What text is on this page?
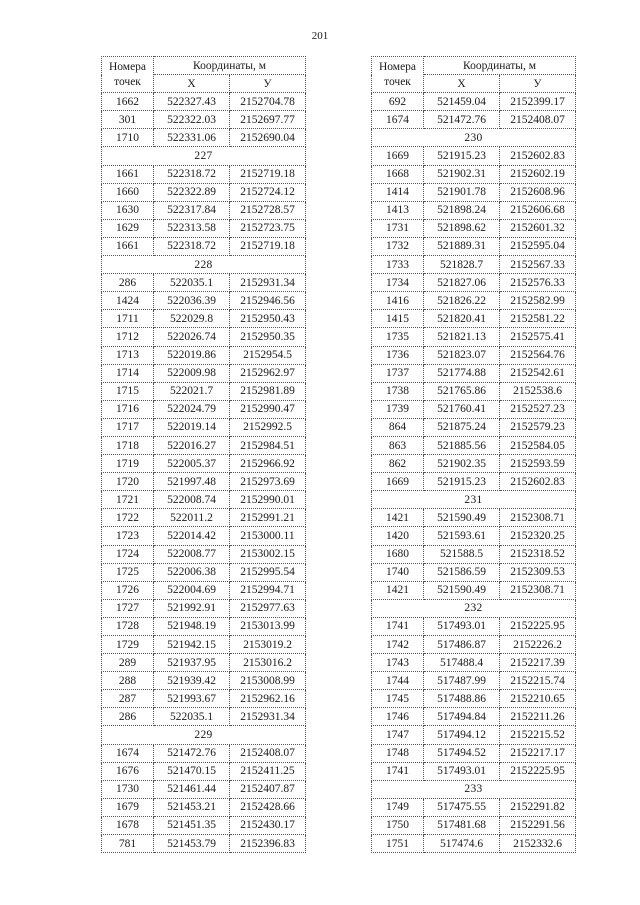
201
Номера
точек	Координаты, м	
	X	У
1662	522327.43	2152704.78
301	522322.03	2152697.77
1710	522331.06	2152690.04
227		
1661	522318.72	2152719.18
1660	522322.89	2152724.12
1630	522317.84	2152728.57
1629	522313.58	2152723.75
1661	522318.72	2152719.18
228		
286	522035.1	2152931.34
1424	522036.39	2152946.56
1711	522029.8	2152950.43
1712	522026.74	2152950.35
1713	522019.86	2152954.5
1714	522009.98	2152962.97
1715	522021.7	2152981.89
1716	522024.79	2152990.47
1717	522019.14	2152992.5
1718	522016.27	2152984.51
1719	522005.37	2152966.92
1720	521997.48	2152973.69
1721	522008.74	2152990.01
1722	522011.2	2152991.21
1723	522014.42	2153000.11
1724	522008.77	2153002.15
1725	522006.38	2152995.54
1726	522004.69	2152994.71
1727	521992.91	2152977.63
1728	521948.19	2153013.99
1729	521942.15	2153019.2
289	521937.95	2153016.2
288	521939.42	2153008.99
287	521993.67	2152962.16
286	522035.1	2152931.34
229		
1674	521472.76	2152408.07
1676	521470.15	2152411.25
1730	521461.44	2152407.87
1679	521453.21	2152428.66
1678	521451.35	2152430.17
781	521453.79	2152396.83
Номера
точек	Координаты, м	
	X	У
692	521459.04	2152399.17
1674	521472.76	2152408.07
230		
1669	521915.23	2152602.83
1668	521902.31	2152602.19
1414	521901.78	2152608.96
1413	521898.24	2152606.68
1731	521898.62	2152601.32
1732	521889.31	2152595.04
1733	521828.7	2152567.33
1734	521827.06	2152576.33
1416	521826.22	2152582.99
1415	521820.41	2152581.22
1735	521821.13	2152575.41
1736	521823.07	2152564.76
1737	521774.88	2152542.61
1738	521765.86	2152538.6
1739	521760.41	2152527.23
864	521875.24	2152579.23
863	521885.56	2152584.05
862	521902.35	2152593.59
1669	521915.23	2152602.83
231		
1421	521590.49	2152308.71
1420	521593.61	2152320.25
1680	521588.5	2152318.52
1740	521586.59	2152309.53
1421	521590.49	2152308.71
232		
1741	517493.01	2152225.95
1742	517486.87	2152226.2
1743	517488.4	2152217.39
1744	517487.99	2152215.74
1745	517488.86	2152210.65
1746	517494.84	2152211.26
1747	517494.12	2152215.52
1748	517494.52	2152217.17
1741	517493.01	2152225.95
233		
1749	517475.55	2152291.82
1750	517481.68	2152291.56
1751	517474.6	2152332.6
